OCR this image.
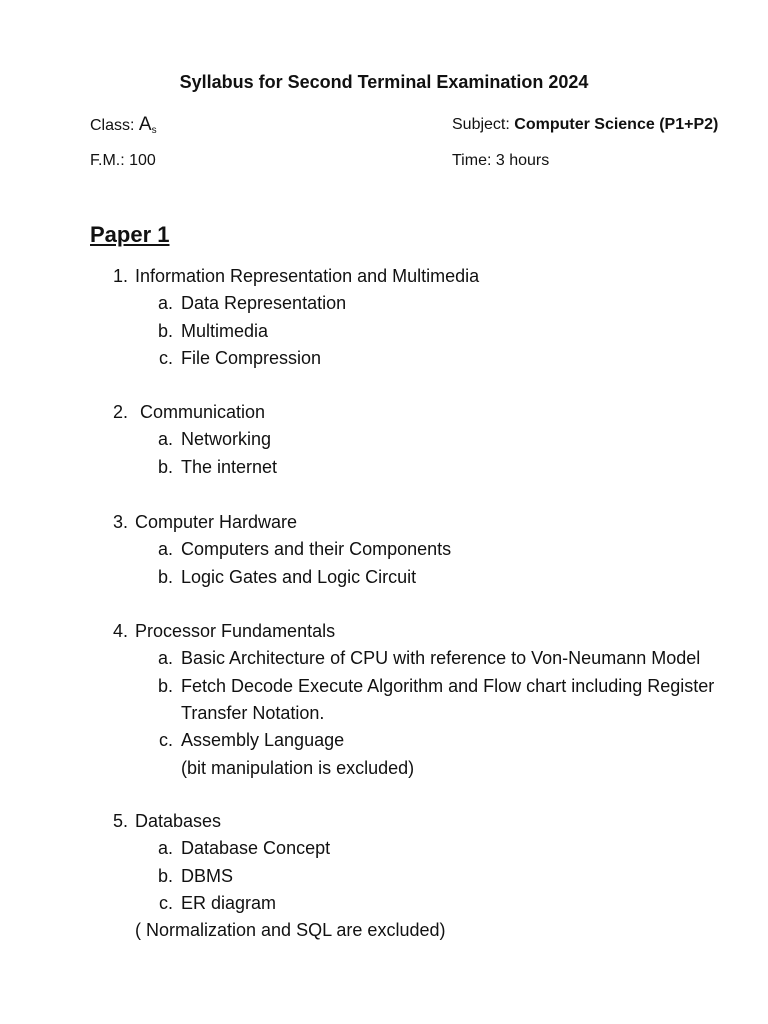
Syllabus for Second Terminal Examination 2024
Class: As	Subject: Computer Science (P1+P2)
F.M.: 100	Time: 3 hours
Paper 1
1. Information Representation and Multimedia
a. Data Representation
b. Multimedia
c. File Compression
2. Communication
a. Networking
b. The internet
3. Computer Hardware
a. Computers and their Components
b. Logic Gates and Logic Circuit
4. Processor Fundamentals
a. Basic Architecture of CPU with reference to Von-Neumann Model
b. Fetch Decode Execute Algorithm and Flow chart including Register
Transfer Notation.
c. Assembly Language
(bit manipulation is excluded)
5. Databases
a. Database Concept
b. DBMS
c. ER diagram
( Normalization and SQL are excluded)
